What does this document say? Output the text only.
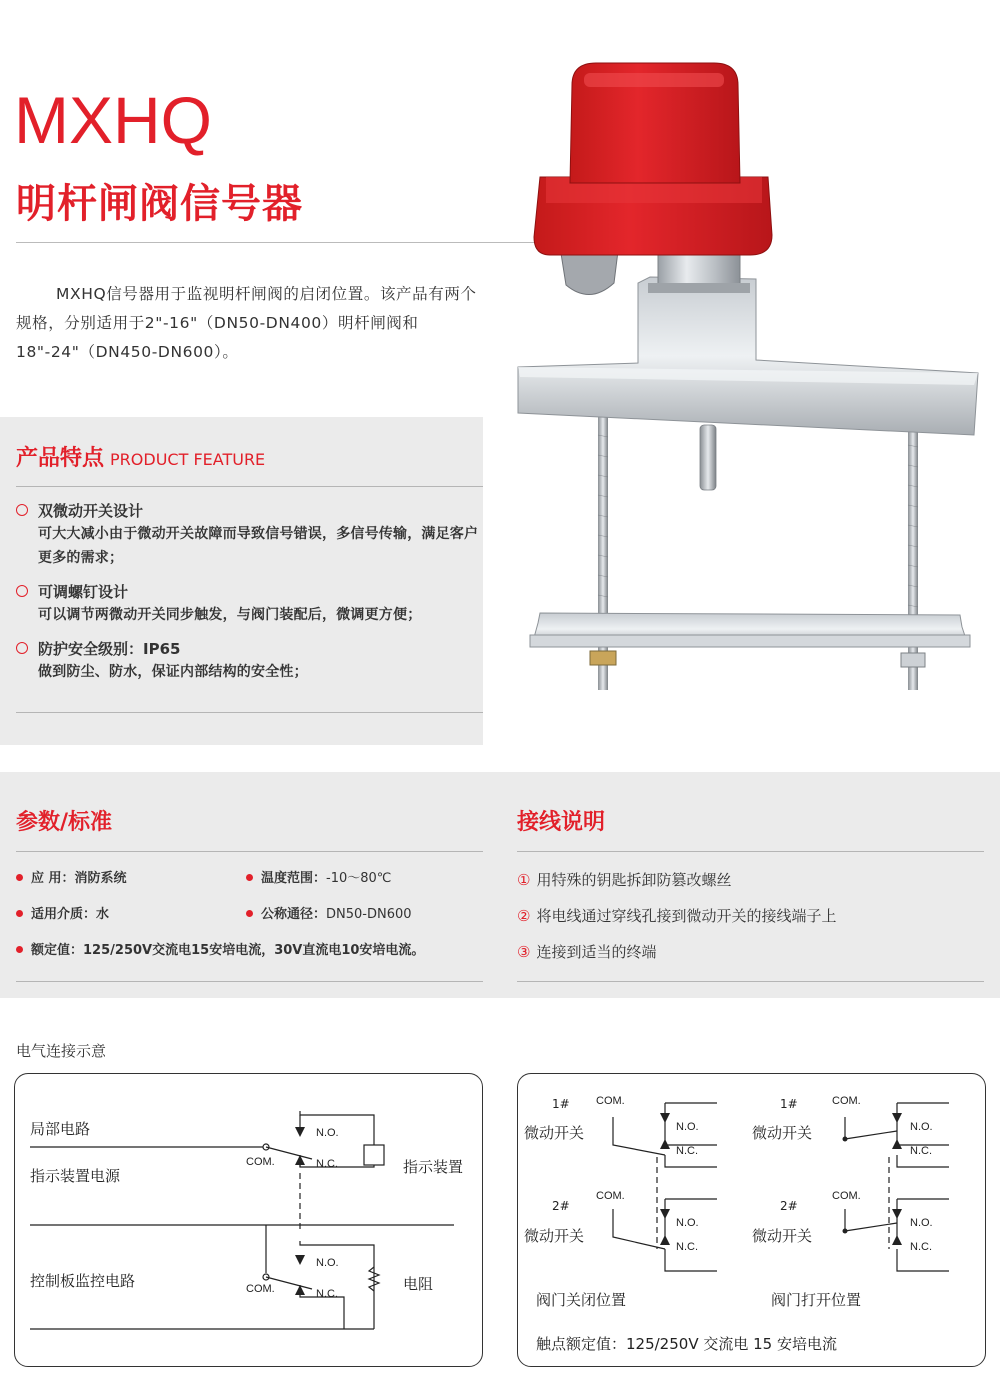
MXHQ
明杆闸阀信号器
MXHQ信号器用于监视明杆闸阀的启闭位置。该产品有两个规格，分别适用于2"-16"（DN50-DN400）明杆闸阀和18"-24"（DN450-DN600）。
产品特点 PRODUCT FEATURE
双微动开关设计
可大大减小由于微动开关故障而导致信号错误，多信号传输，满足客户更多的需求；
可调螺钉设计
可以调节两微动开关同步触发，与阀门装配后，微调更方便；
防护安全级别：IP65
做到防尘、防水，保证内部结构的安全性；
参数/标准	接线说明
应 用：消防系统	温度范围：-10～80℃
适用介质：水	公称通径：DN50-DN600
额定值：125/250V交流电15安培电流，30V直流电10安培电流。
① 用特殊的钥匙拆卸防篡改螺丝
② 将电线通过穿线孔接到微动开关的接线端子上
③ 连接到适当的终端
电气连接示意
局部电路
指示装置电源	指示装置
控制板监控电路	电阻
N.O.
N.C.
COM.
N.O.
N.C.
COM.
1#
微动开关
2#
微动开关
1#
微动开关
2#
微动开关
COM.
N.O.
N.C.
COM.
N.O.
N.C.
COM.
N.O.
N.C.
COM.
N.O.
N.C.
阀门关闭位置	阀门打开位置
触点额定值：125/250V 交流电 15 安培电流
